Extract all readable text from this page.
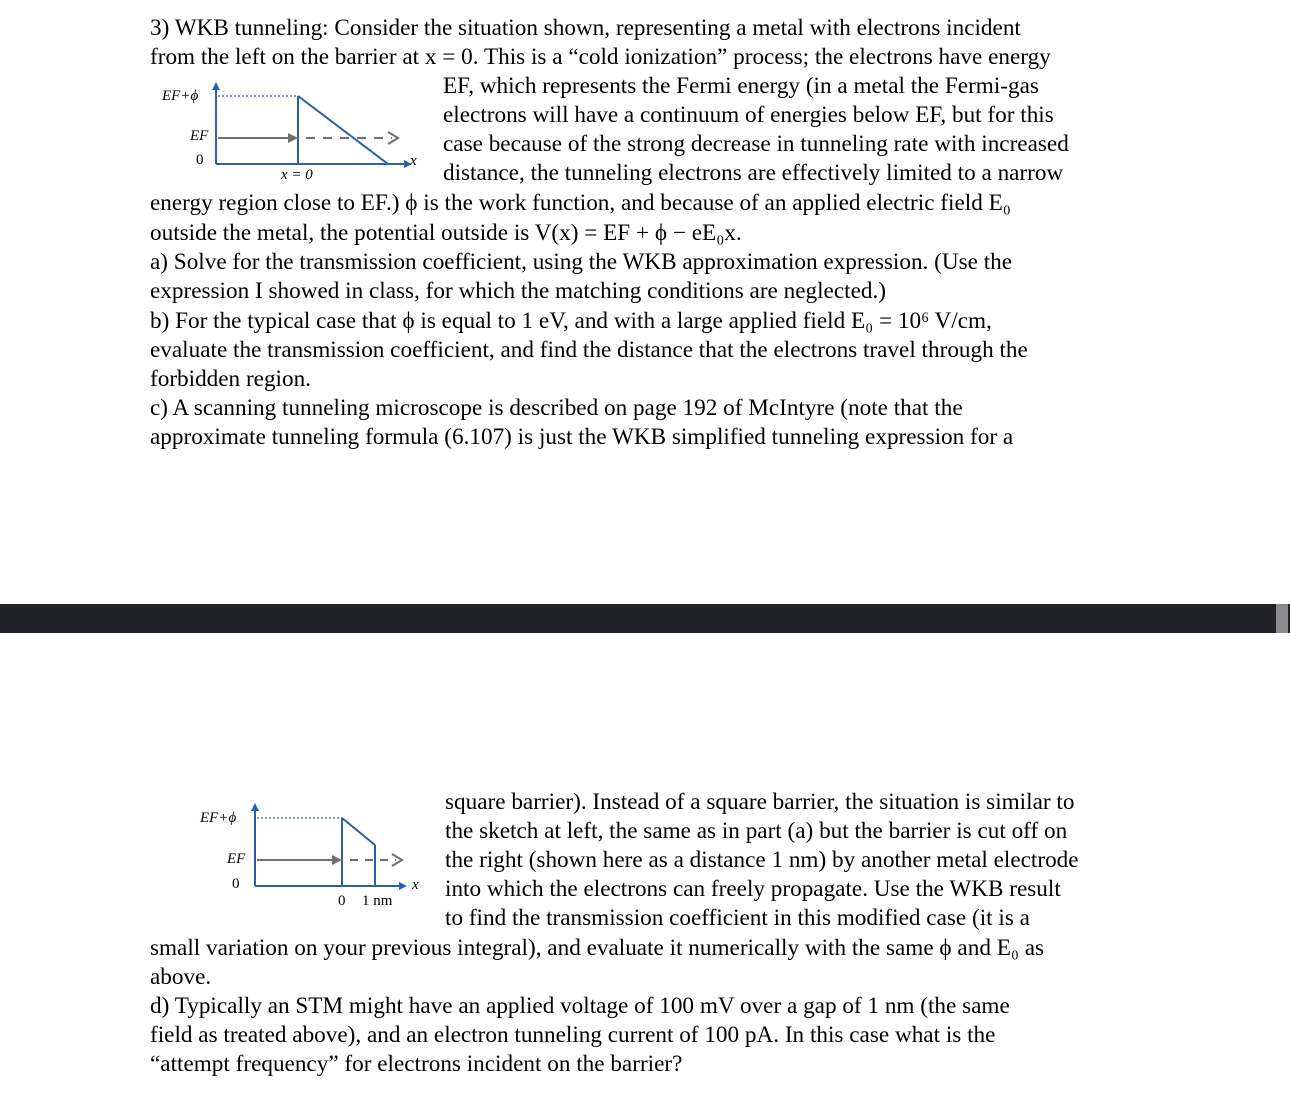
3) WKB tunneling: Consider the situation shown, representing a metal with electrons incident
from the left on the barrier at x = 0. This is a “cold ionization” process; the electrons have energy
EF, which represents the Fermi energy (in a metal the Fermi-gas
electrons will have a continuum of energies below EF, but for this
case because of the strong decrease in tunneling rate with increased
distance, the tunneling electrons are effectively limited to a narrow
energy region close to EF.) ϕ is the work function, and because of an applied electric field E₀
outside the metal, the potential outside is V(x) = EF + ϕ − eE₀x.
a) Solve for the transmission coefficient, using the WKB approximation expression. (Use the
expression I showed in class, for which the matching conditions are neglected.)
b) For the typical case that ϕ is equal to 1 eV, and with a large applied field E₀ = 10⁶ V/cm,
evaluate the transmission coefficient, and find the distance that the electrons travel through the
forbidden region.
c) A scanning tunneling microscope is described on page 192 of McIntyre (note that the
approximate tunneling formula (6.107) is just the WKB simplified tunneling expression for a
EF+ϕ
EF
0
x = 0
x
EF+ϕ
EF
0
0 1 nm
x
square barrier). Instead of a square barrier, the situation is similar to
the sketch at left, the same as in part (a) but the barrier is cut off on
the right (shown here as a distance 1 nm) by another metal electrode
into which the electrons can freely propagate. Use the WKB result
to find the transmission coefficient in this modified case (it is a
small variation on your previous integral), and evaluate it numerically with the same ϕ and E₀ as
above.
d) Typically an STM might have an applied voltage of 100 mV over a gap of 1 nm (the same
field as treated above), and an electron tunneling current of 100 pA. In this case what is the
“attempt frequency” for electrons incident on the barrier?
